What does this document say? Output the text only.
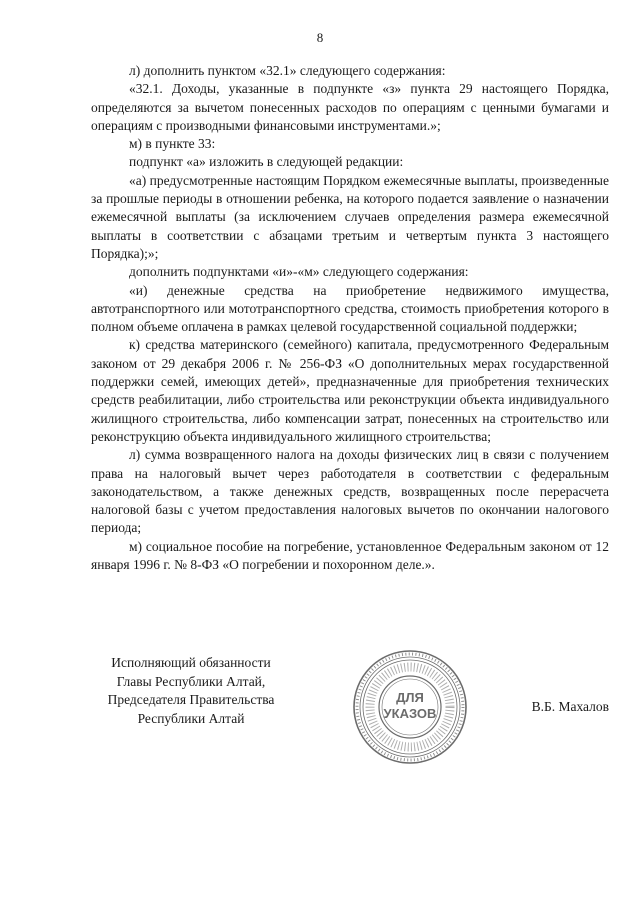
8

л) дополнить пунктом «32.1» следующего содержания:

«32.1. Доходы, указанные в подпункте «з» пункта 29 настоящего Порядка, определяются за вычетом понесенных расходов по операциям с ценными бумагами и операциям с производными финансовыми инструментами.»;

м) в пункте 33:

подпункт «а» изложить в следующей редакции:

«а) предусмотренные настоящим Порядком ежемесячные выплаты, произведенные за прошлые периоды в отношении ребенка, на которого подается заявление о назначении ежемесячной выплаты (за исключением случаев определения размера ежемесячной выплаты в соответствии с абзацами третьим и четвертым пункта 3 настоящего Порядка);»;

дополнить подпунктами «и»-«м» следующего содержания:

«и) денежные средства на приобретение недвижимого имущества, автотранспортного или мототранспортного средства, стоимость приобретения которого в полном объеме оплачена в рамках целевой государственной социальной поддержки;

к) средства материнского (семейного) капитала, предусмотренного Федеральным законом от 29 декабря 2006 г. № 256-ФЗ «О дополнительных мерах государственной поддержки семей, имеющих детей», предназначенные для приобретения технических средств реабилитации, либо строительства или реконструкции объекта индивидуального жилищного строительства, либо компенсации затрат, понесенных на строительство или реконструкцию объекта индивидуального жилищного строительства;

л) сумма возвращенного налога на доходы физических лиц в связи с получением права на налоговый вычет через работодателя в соответствии с федеральным законодательством, а также денежных средств, возвращенных после перерасчета налоговой базы с учетом предоставления налоговых вычетов по окончании налогового периода;

м) социальное пособие на погребение, установленное Федеральным законом от 12 января 1996 г. № 8-ФЗ «О погребении и похоронном деле.».

Исполняющий обязанности
Главы Республики Алтай,
Председателя Правительства
Республики Алтай
ДЛЯ
УКАЗОВ	В.Б. Махалов
